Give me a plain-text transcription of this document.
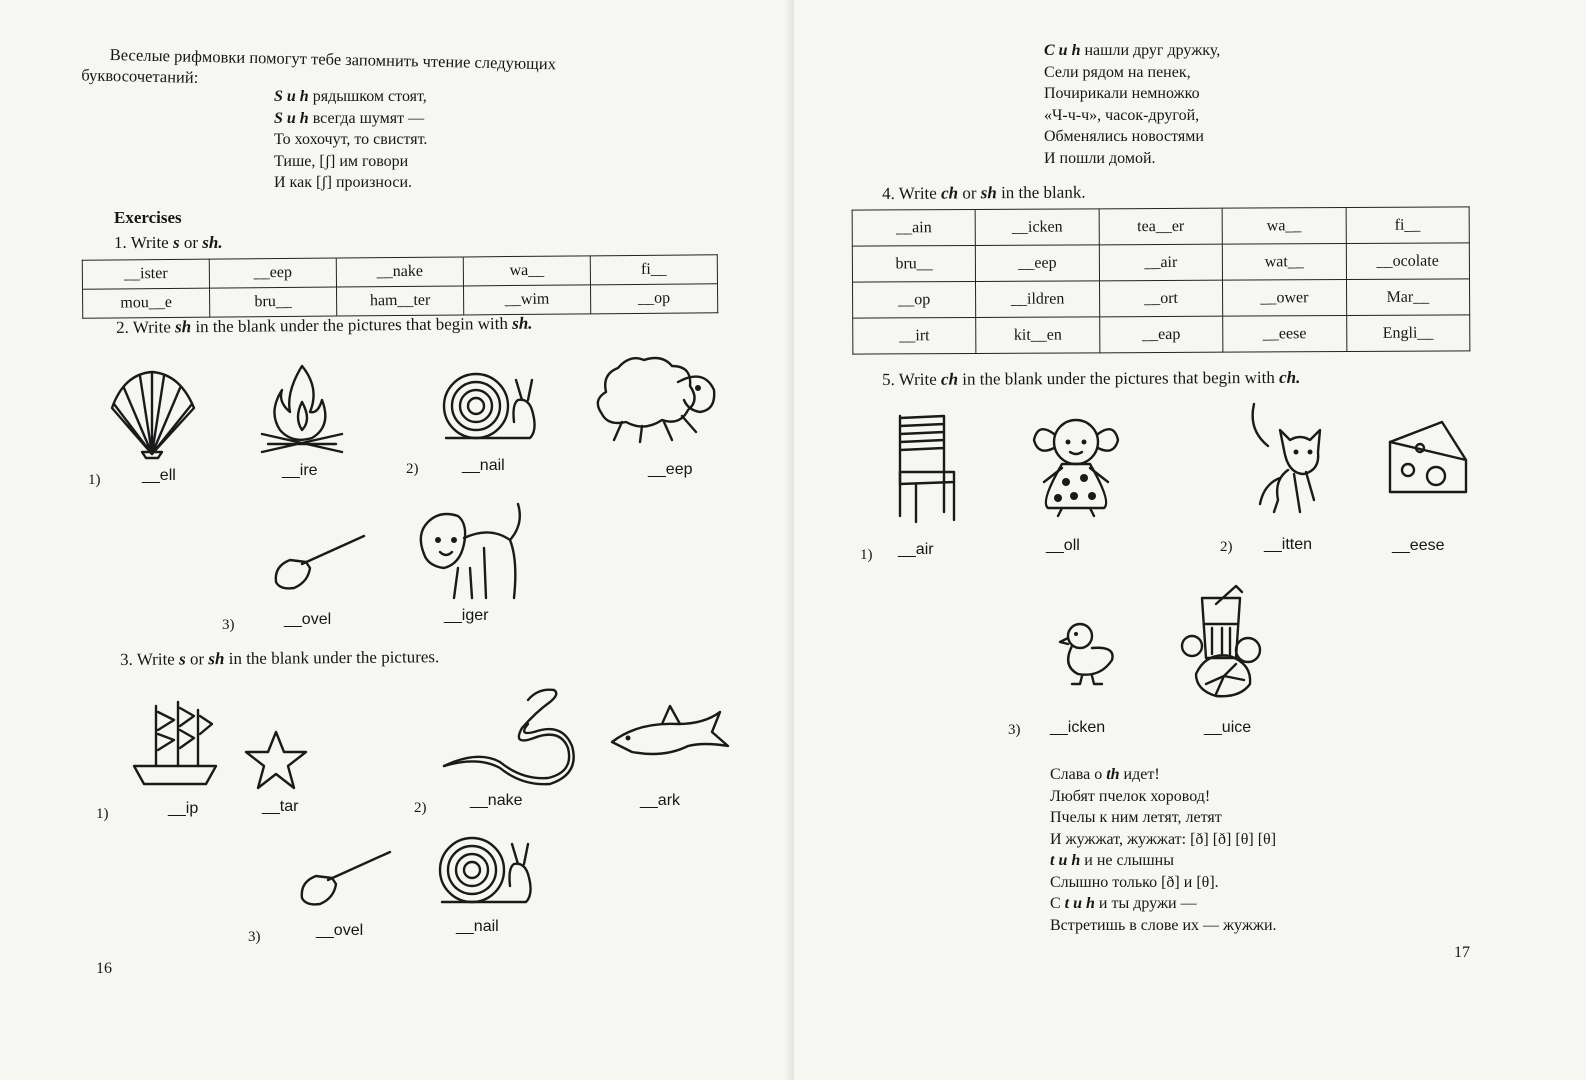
Веселые рифмовки помогут тебе запомнить чтение следующих
буквосочетаний:
S и h рядышком стоят,
S и h всегда шумят —
То хохочут, то свистят.
Тише, [ʃ] им говори
И как [ʃ] произноси.
Exercises
1. Write s or sh.
__ister	__eep	__nake	wa__	fi__
mou__e	bru__	ham__ter	__wim	__op
2. Write sh in the blank under the pictures that begin with sh.
1)	__ell	__ire	2)	__nail	__eep
3)	__ovel	__iger
3. Write s or sh in the blank under the pictures.
1)	__ip	__tar	2)	__nake	__ark
3)	__ovel	__nail
16
C и h нашли друг дружку,
Сели рядом на пенек,
Почирикали немножко
«Ч-ч-ч», часок-другой,
Обменялись новостями
И пошли домой.
4. Write ch or sh in the blank.
__ain	__icken	tea__er	wa__	fi__
bru__	__eep	__air	wat__	__ocolate
__op	__ildren	__ort	__ower	Mar__
__irt	kit__en	__eap	__eese	Engli__
5. Write ch in the blank under the pictures that begin with ch.
1) __air	__oll	2) __itten	__eese
3) __icken	__uice
Слава о th идет!
Любят пчелок хоровод!
Пчелы к ним летят, летят
И жужжат, жужжат: [ð] [ð] [θ] [θ]
t и h и не слышны
Слышно только [ð] и [θ].
С t и h и ты дружи —
Встретишь в слове их — жужжи.
17
